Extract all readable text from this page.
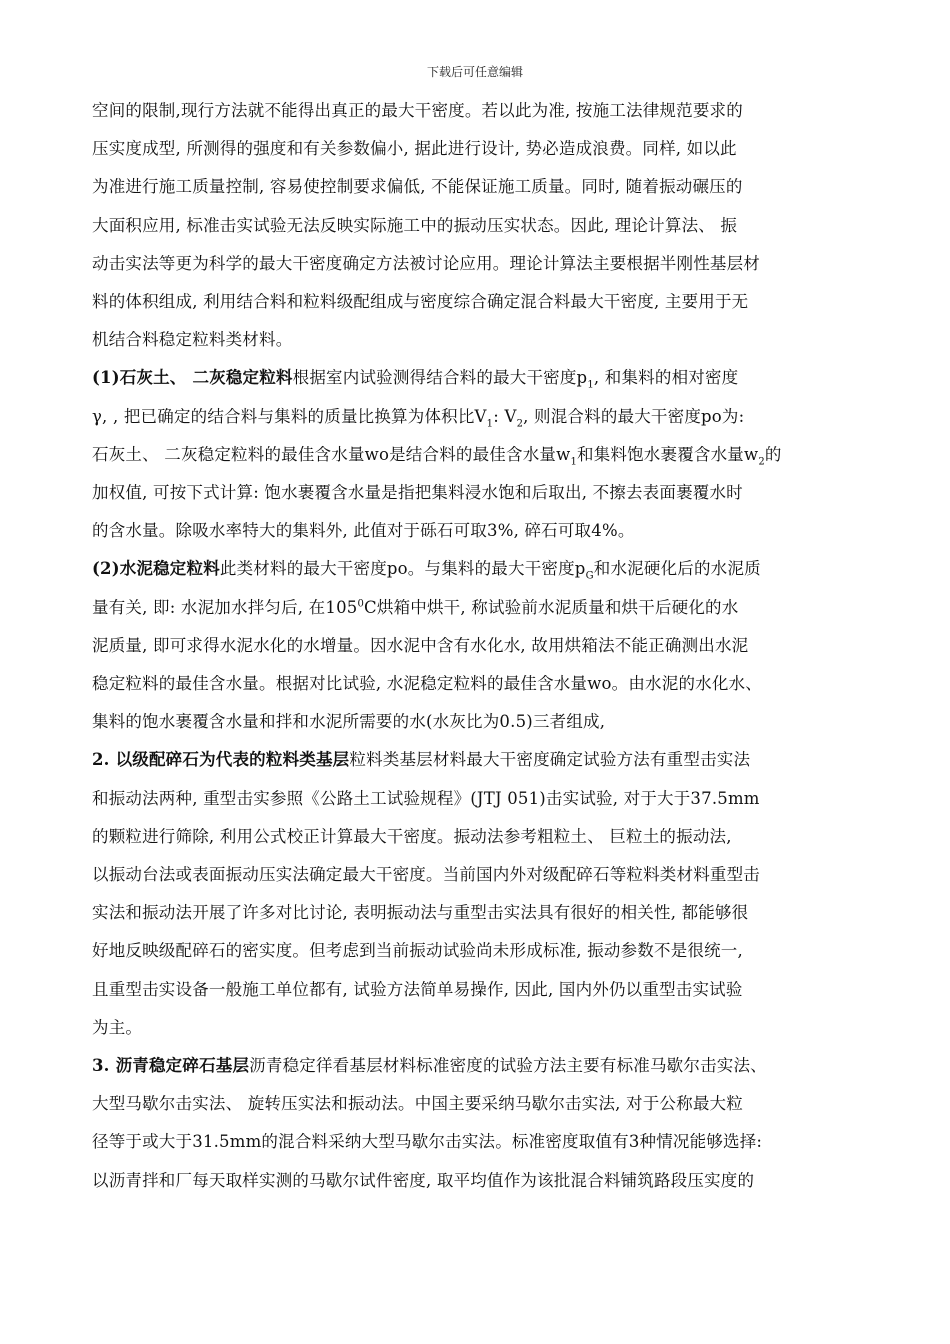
下载后可任意编辑
空间的限制,现行方法就不能得出真正的最大干密度。若以此为准, 按施工法律规范要求的
压实度成型, 所测得的强度和有关参数偏小, 据此进行设计, 势必造成浪费。同样, 如以此
为准进行施工质量控制, 容易使控制要求偏低, 不能保证施工质量。同时, 随着振动碾压的
大面积应用, 标准击实试验无法反映实际施工中的振动压实状态。因此, 理论计算法、 振
动击实法等更为科学的最大干密度确定方法被讨论应用。理论计算法主要根据半刚性基层材
料的体积组成, 利用结合料和粒料级配组成与密度综合确定混合料最大干密度, 主要用于无
机结合料稳定粒料类材料。
(1)石灰土、 二灰稳定粒料根据室内试验测得结合料的最大干密度$p_1$, 和集料的相对密度
γ, , 把已确定的结合料与集料的质量比换算为体积比$V_1$: $V_2$, 则混合料的最大干密度po为:
石灰土、 二灰稳定粒料的最佳含水量wo是结合料的最佳含水量$w_1$和集料饱水裹覆含水量$w_2$的
加权值, 可按下式计算: 饱水裹覆含水量是指把集料浸水饱和后取出, 不擦去表面裹覆水时
的含水量。除吸水率特大的集料外, 此值对于砾石可取3%, 碎石可取4%。
(2)水泥稳定粒料此类材料的最大干密度po。与集料的最大干密度$p_G$和水泥硬化后的水泥质
量有关, 即: 水泥加水拌匀后, 在$105^0C$烘箱中烘干, 称试验前水泥质量和烘干后硬化的水
泥质量, 即可求得水泥水化的水增量。因水泥中含有水化水, 故用烘箱法不能正确测出水泥
稳定粒料的最佳含水量。根据对比试验, 水泥稳定粒料的最佳含水量wo。由水泥的水化水、
集料的饱水裹覆含水量和拌和水泥所需要的水(水灰比为0.5)三者组成,
2. 以级配碎石为代表的粒料类基层粒料类基层材料最大干密度确定试验方法有重型击实法
和振动法两种, 重型击实参照《公路土工试验规程》(JTJ 051)击实试验, 对于大于37.5mm
的颗粒进行筛除, 利用公式校正计算最大干密度。振动法参考粗粒土、 巨粒土的振动法,
以振动台法或表面振动压实法确定最大干密度。当前国内外对级配碎石等粒料类材料重型击
实法和振动法开展了许多对比讨论, 表明振动法与重型击实法具有很好的相关性, 都能够很
好地反映级配碎石的密实度。但考虑到当前振动试验尚未形成标准, 振动参数不是很统一,
且重型击实设备一般施工单位都有, 试验方法简单易操作, 因此, 国内外仍以重型击实试验
为主。
3. 沥青稳定碎石基层沥青稳定徉看基层材料标准密度的试验方法主要有标准马歇尔击实法、
大型马歇尔击实法、 旋转压实法和振动法。中国主要采纳马歇尔击实法, 对于公称最大粒
径等于或大于31.5mm的混合料采纳大型马歇尔击实法。标准密度取值有3种情况能够选择:
以沥青拌和厂每天取样实测的马歇尔试件密度, 取平均值作为该批混合料铺筑路段压实度的
